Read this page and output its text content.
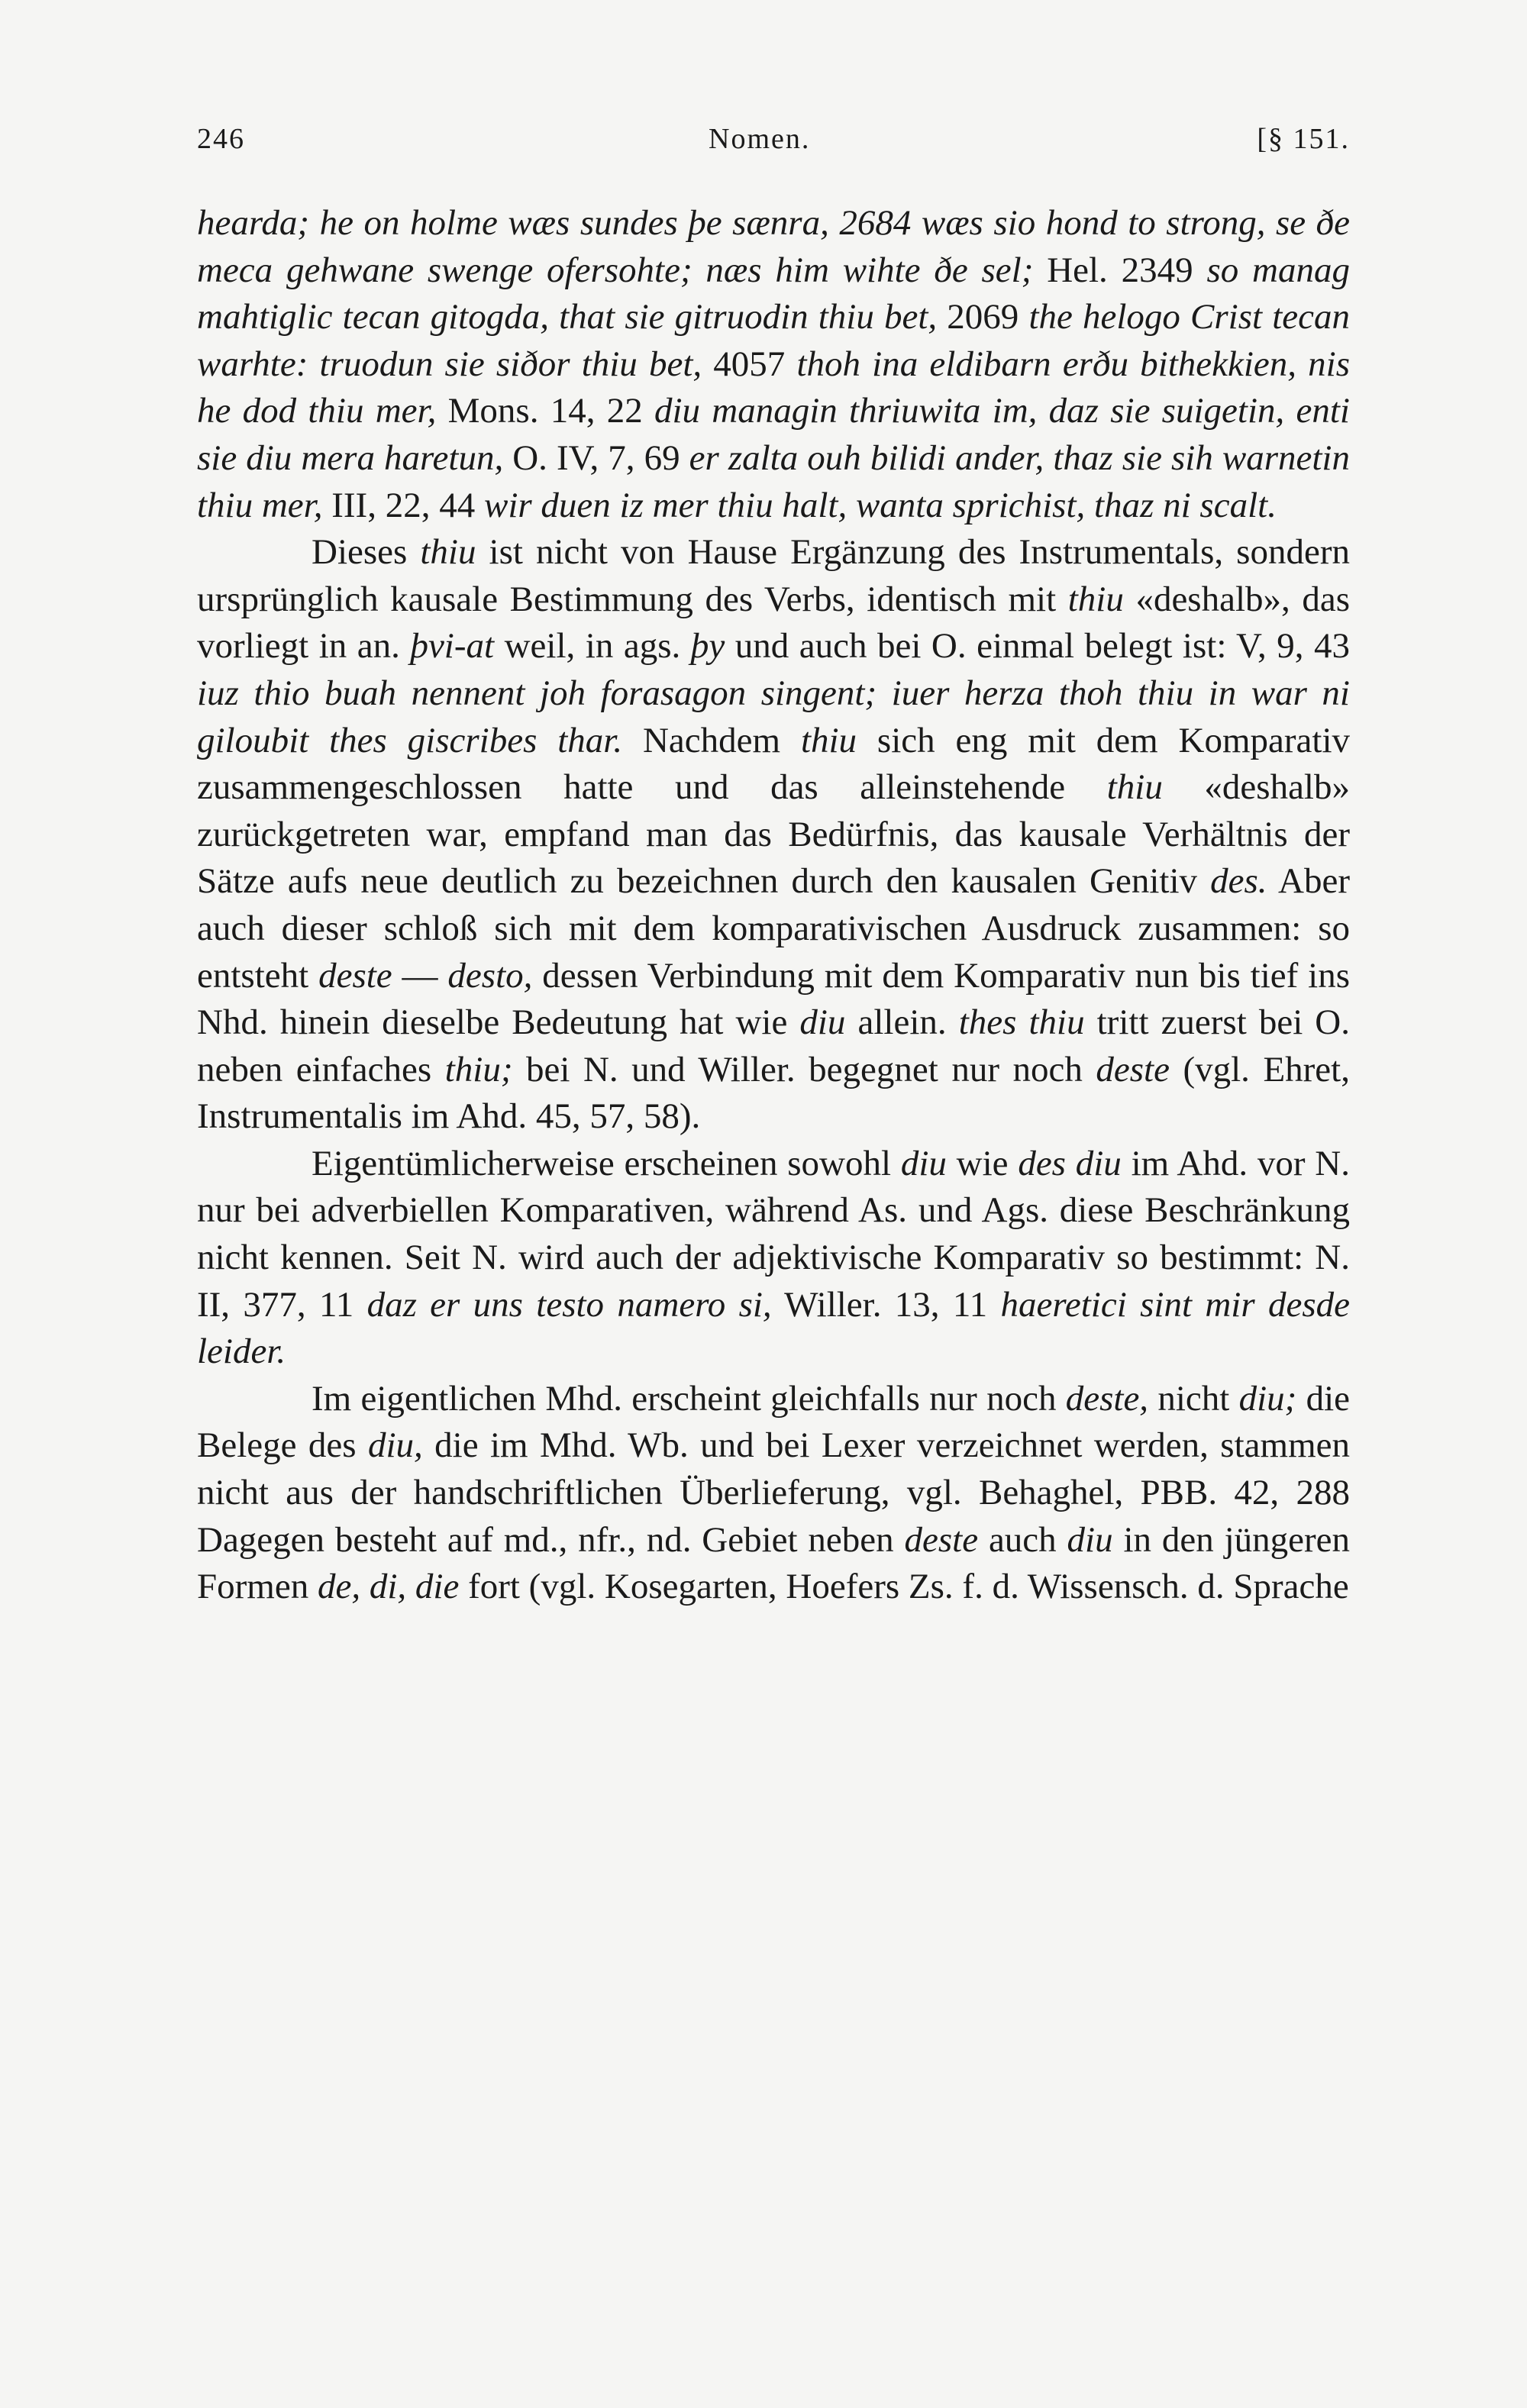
246	Nomen.	[§ 151.

hearda; he on holme wæs sundes þe sænra, 2684 wæs sio hond to strong, se ðe meca gehwane swenge ofersohte; næs him wihte ðe sel; Hel. 2349 so manag mahtiglic tecan gitogda, that sie gitruodin thiu bet, 2069 the helogo Crist tecan warhte: truodun sie siðor thiu bet, 4057 thoh ina eldibarn erðu bithekkien, nis he dod thiu mer, Mons. 14, 22 diu managin thriuwita im, daz sie suigetin, enti sie diu mera haretun, O. IV, 7, 69 er zalta ouh bilidi ander, thaz sie sih warnetin thiu mer, III, 22, 44 wir duen iz mer thiu halt, wanta sprichist, thaz ni scalt.

Dieses thiu ist nicht von Hause Ergänzung des Instrumentals, sondern ursprünglich kausale Bestimmung des Verbs, identisch mit thiu «deshalb», das vorliegt in an. þvi-at weil, in ags. þy und auch bei O. einmal belegt ist: V, 9, 43 iuz thio buah nennent joh forasagon singent; iuer herza thoh thiu in war ni giloubit thes giscribes thar. Nachdem thiu sich eng mit dem Komparativ zusammengeschlossen hatte und das alleinstehende thiu «deshalb» zurückgetreten war, empfand man das Bedürfnis, das kausale Verhältnis der Sätze aufs neue deutlich zu bezeichnen durch den kausalen Genitiv des. Aber auch dieser schloß sich mit dem komparativischen Ausdruck zusammen: so entsteht deste — desto, dessen Verbindung mit dem Komparativ nun bis tief ins Nhd. hinein dieselbe Bedeutung hat wie diu allein. thes thiu tritt zuerst bei O. neben einfaches thiu; bei N. und Willer. begegnet nur noch deste (vgl. Ehret, Instrumentalis im Ahd. 45, 57, 58).

Eigentümlicherweise erscheinen sowohl diu wie des diu im Ahd. vor N. nur bei adverbiellen Komparativen, während As. und Ags. diese Beschränkung nicht kennen. Seit N. wird auch der adjektivische Komparativ so bestimmt: N. II, 377, 11 daz er uns testo namero si, Willer. 13, 11 haeretici sint mir desde leider.

Im eigentlichen Mhd. erscheint gleichfalls nur noch deste, nicht diu; die Belege des diu, die im Mhd. Wb. und bei Lexer verzeichnet werden, stammen nicht aus der handschriftlichen Überlieferung, vgl. Behaghel, PBB. 42, 288 Dagegen besteht auf md., nfr., nd. Gebiet neben deste auch diu in den jüngeren Formen de, di, die fort (vgl. Kosegarten, Hoefers Zs. f. d. Wissensch. d. Sprache
